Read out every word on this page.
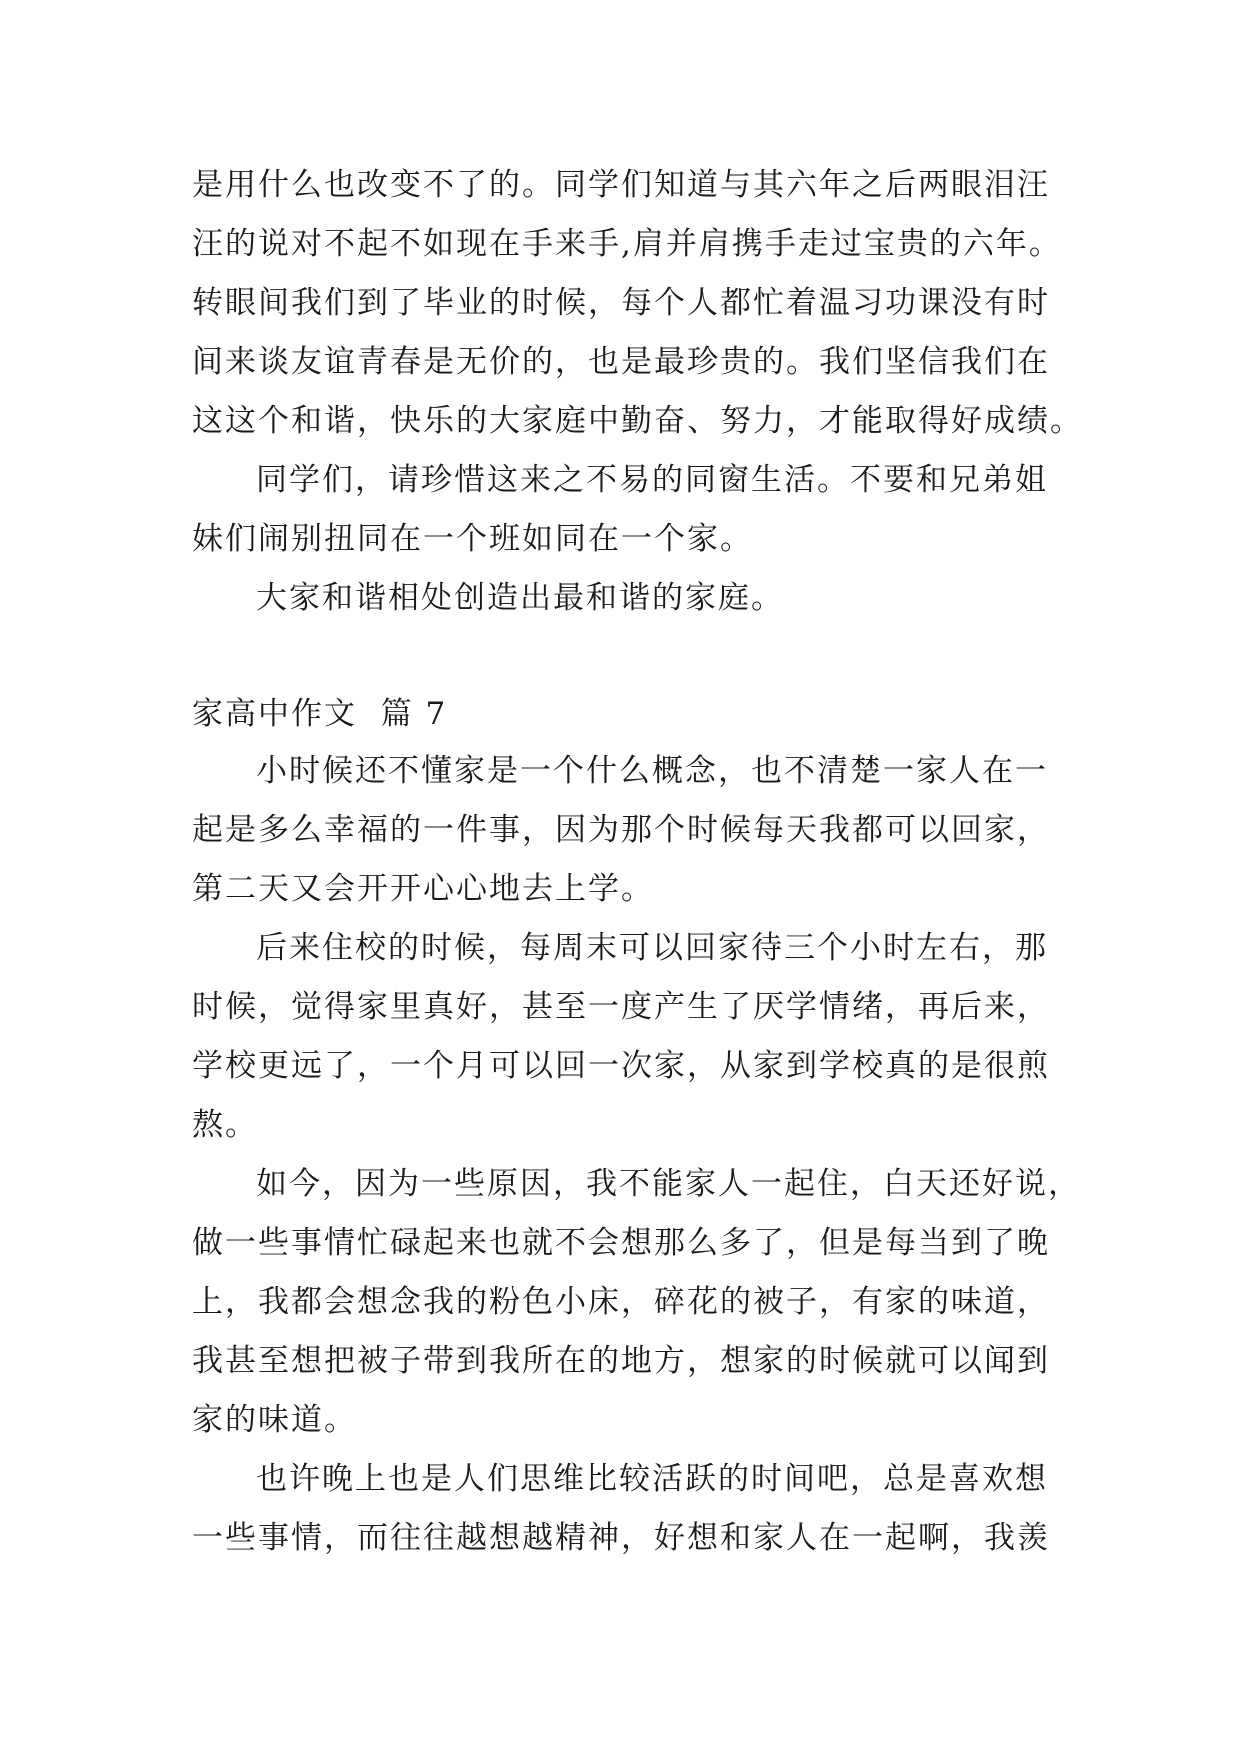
是用什么也改变不了的。同学们知道与其六年之后两眼泪汪
汪的说对不起不如现在手来手,肩并肩携手走过宝贵的六年。
转眼间我们到了毕业的时候，每个人都忙着温习功课没有时
间来谈友谊青春是无价的，也是最珍贵的。我们坚信我们在
这这个和谐，快乐的大家庭中勤奋、努力，才能取得好成绩。
同学们，请珍惜这来之不易的同窗生活。不要和兄弟姐
妹们闹别扭同在一个班如同在一个家。
大家和谐相处创造出最和谐的家庭。
家高中作文  篇 7
小时候还不懂家是一个什么概念，也不清楚一家人在一
起是多么幸福的一件事，因为那个时候每天我都可以回家，
第二天又会开开心心地去上学。
后来住校的时候，每周末可以回家待三个小时左右，那
时候，觉得家里真好，甚至一度产生了厌学情绪，再后来，
学校更远了，一个月可以回一次家，从家到学校真的是很煎
熬。
如今，因为一些原因，我不能家人一起住，白天还好说，
做一些事情忙碌起来也就不会想那么多了，但是每当到了晚
上，我都会想念我的粉色小床，碎花的被子，有家的味道，
我甚至想把被子带到我所在的地方，想家的时候就可以闻到
家的味道。
也许晚上也是人们思维比较活跃的时间吧，总是喜欢想
一些事情，而往往越想越精神，好想和家人在一起啊，我羡
